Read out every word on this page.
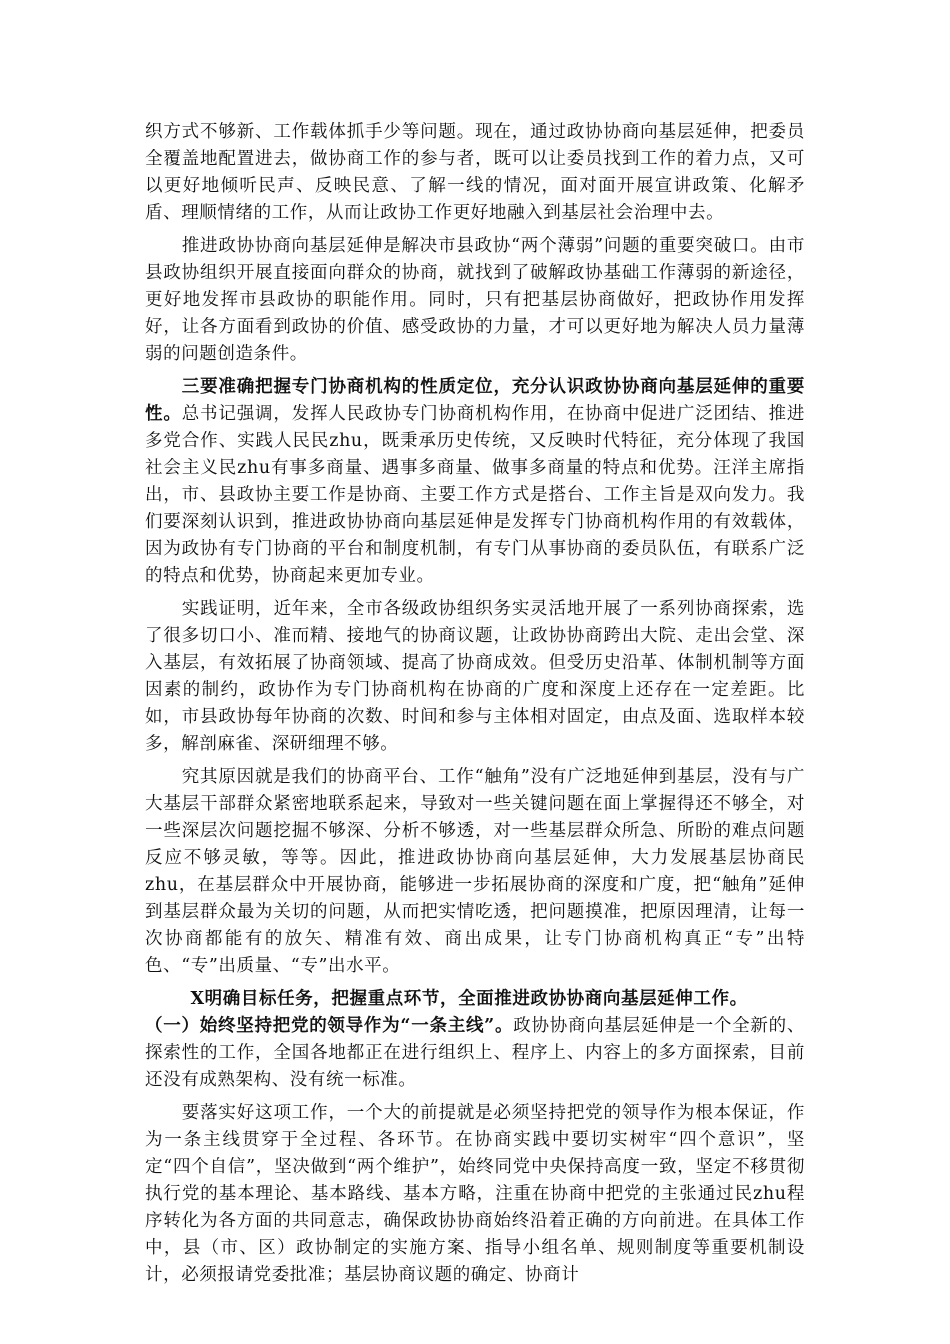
织方式不够新、工作载体抓手少等问题。现在，通过政协协商向基层延伸，把委员全覆盖地配置进去，做协商工作的参与者，既可以让委员找到工作的着力点，又可以更好地倾听民声、反映民意、了解一线的情况，面对面开展宣讲政策、化解矛盾、理顺情绪的工作，从而让政协工作更好地融入到基层社会治理中去。

推进政协协商向基层延伸是解决市县政协“两个薄弱”问题的重要突破口。由市县政协组织开展直接面向群众的协商，就找到了破解政协基础工作薄弱的新途径，更好地发挥市县政协的职能作用。同时，只有把基层协商做好，把政协作用发挥好，让各方面看到政协的价值、感受政协的力量，才可以更好地为解决人员力量薄弱的问题创造条件。

三要准确把握专门协商机构的性质定位，充分认识政协协商向基层延伸的重要性。总书记强调，发挥人民政协专门协商机构作用，在协商中促进广泛团结、推进多党合作、实践人民民zhu，既秉承历史传统，又反映时代特征，充分体现了我国社会主义民zhu有事多商量、遇事多商量、做事多商量的特点和优势。汪洋主席指出，市、县政协主要工作是协商、主要工作方式是搭台、工作主旨是双向发力。我们要深刻认识到，推进政协协商向基层延伸是发挥专门协商机构作用的有效载体，因为政协有专门协商的平台和制度机制，有专门从事协商的委员队伍，有联系广泛的特点和优势，协商起来更加专业。

实践证明，近年来，全市各级政协组织务实灵活地开展了一系列协商探索，选了很多切口小、准而精、接地气的协商议题，让政协协商跨出大院、走出会堂、深入基层，有效拓展了协商领域、提高了协商成效。但受历史沿革、体制机制等方面因素的制约，政协作为专门协商机构在协商的广度和深度上还存在一定差距。比如，市县政协每年协商的次数、时间和参与主体相对固定，由点及面、选取样本较多，解剖麻雀、深研细理不够。

究其原因就是我们的协商平台、工作“触角”没有广泛地延伸到基层，没有与广大基层干部群众紧密地联系起来，导致对一些关键问题在面上掌握得还不够全，对一些深层次问题挖掘不够深、分析不够透，对一些基层群众所急、所盼的难点问题反应不够灵敏，等等。因此，推进政协协商向基层延伸，大力发展基层协商民zhu，在基层群众中开展协商，能够进一步拓展协商的深度和广度，把“触角”延伸到基层群众最为关切的问题，从而把实情吃透，把问题摸准，把原因理清，让每一次协商都能有的放矢、精准有效、商出成果，让专门协商机构真正“专”出特色、“专”出质量、“专”出水平。

X明确目标任务，把握重点环节，全面推进政协协商向基层延伸工作。

（一）始终坚持把党的领导作为“一条主线”。政协协商向基层延伸是一个全新的、探索性的工作，全国各地都正在进行组织上、程序上、内容上的多方面探索，目前还没有成熟架构、没有统一标准。

要落实好这项工作，一个大的前提就是必须坚持把党的领导作为根本保证，作为一条主线贯穿于全过程、各环节。在协商实践中要切实树牢“四个意识”，坚定“四个自信”，坚决做到“两个维护”，始终同党中央保持高度一致，坚定不移贯彻执行党的基本理论、基本路线、基本方略，注重在协商中把党的主张通过民zhu程序转化为各方面的共同意志，确保政协协商始终沿着正确的方向前进。在具体工作中，县（市、区）政协制定的实施方案、指导小组名单、规则制度等重要机制设计，必须报请党委批准；基层协商议题的确定、协商计
